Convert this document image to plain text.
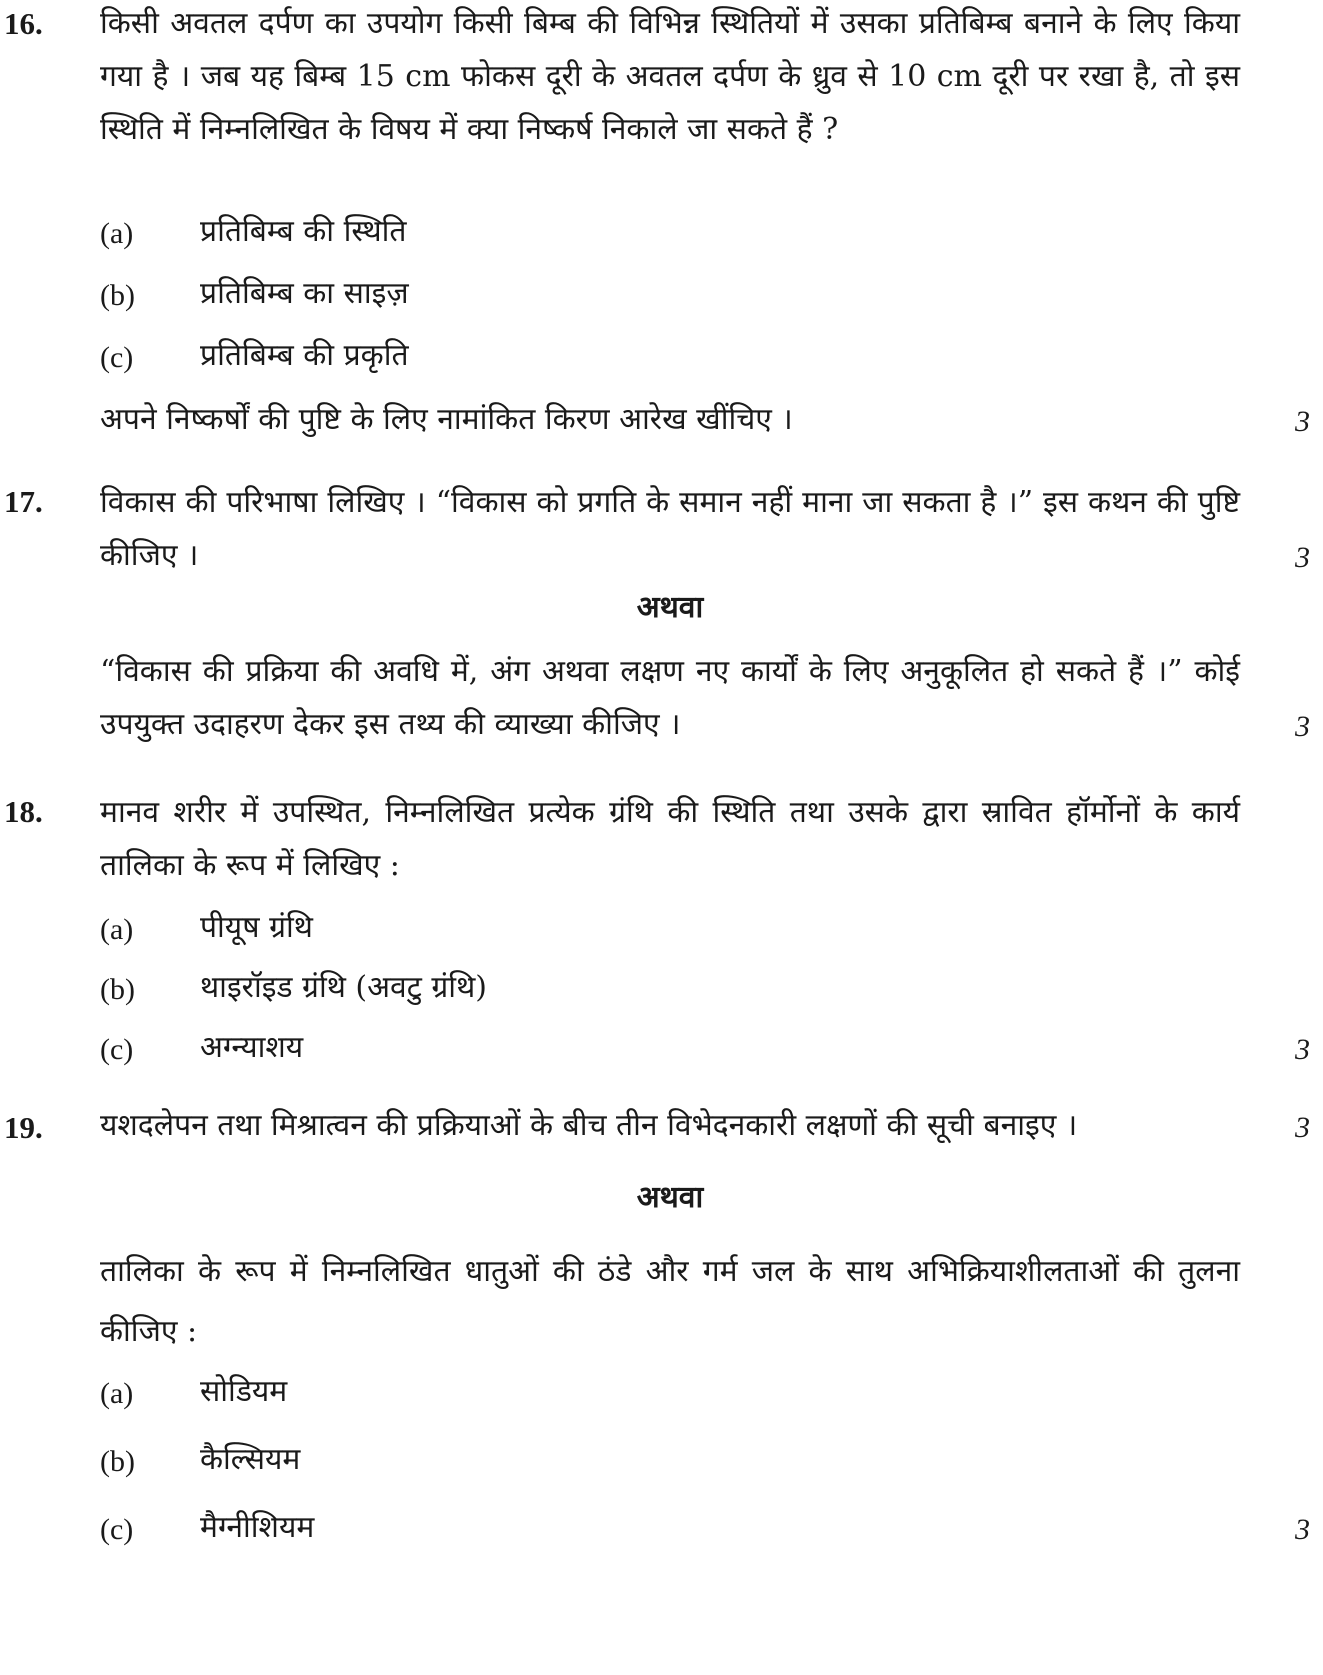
16.	किसी अवतल दर्पण का उपयोग किसी बिम्ब की विभिन्न स्थितियों में उसका प्रतिबिम्ब बनाने के लिए किया गया है । जब यह बिम्ब 15 cm फोकस दूरी के अवतल दर्पण के ध्रुव से 10 cm दूरी पर रखा है, तो इस स्थिति में निम्नलिखित के विषय में क्या निष्कर्ष निकाले जा सकते हैं ?
(a)	प्रतिबिम्ब की स्थिति
(b)	प्रतिबिम्ब का साइज़
(c)	प्रतिबिम्ब की प्रकृति
अपने निष्कर्षों की पुष्टि के लिए नामांकित किरण आरेख खींचिए ।	3
17.	विकास की परिभाषा लिखिए । “विकास को प्रगति के समान नहीं माना जा सकता है ।” इस कथन की पुष्टि कीजिए ।	3
अथवा
“विकास की प्रक्रिया की अवधि में, अंग अथवा लक्षण नए कार्यों के लिए अनुकूलित हो सकते हैं ।” कोई उपयुक्त उदाहरण देकर इस तथ्य की व्याख्या कीजिए ।	3
18.	मानव शरीर में उपस्थित, निम्नलिखित प्रत्येक ग्रंथि की स्थिति तथा उसके द्वारा स्रावित हॉर्मोनों के कार्य तालिका के रूप में लिखिए :
(a)	पीयूष ग्रंथि
(b)	थाइरॉइड ग्रंथि (अवटु ग्रंथि)
(c)	अग्न्याशय	3
19.	यशदलेपन तथा मिश्रात्वन की प्रक्रियाओं के बीच तीन विभेदनकारी लक्षणों की सूची बनाइए ।	3
अथवा
तालिका के रूप में निम्नलिखित धातुओं की ठंडे और गर्म जल के साथ अभिक्रियाशीलताओं की तुलना कीजिए :
(a)	सोडियम
(b)	कैल्सियम
(c)	मैग्नीशियम	3
